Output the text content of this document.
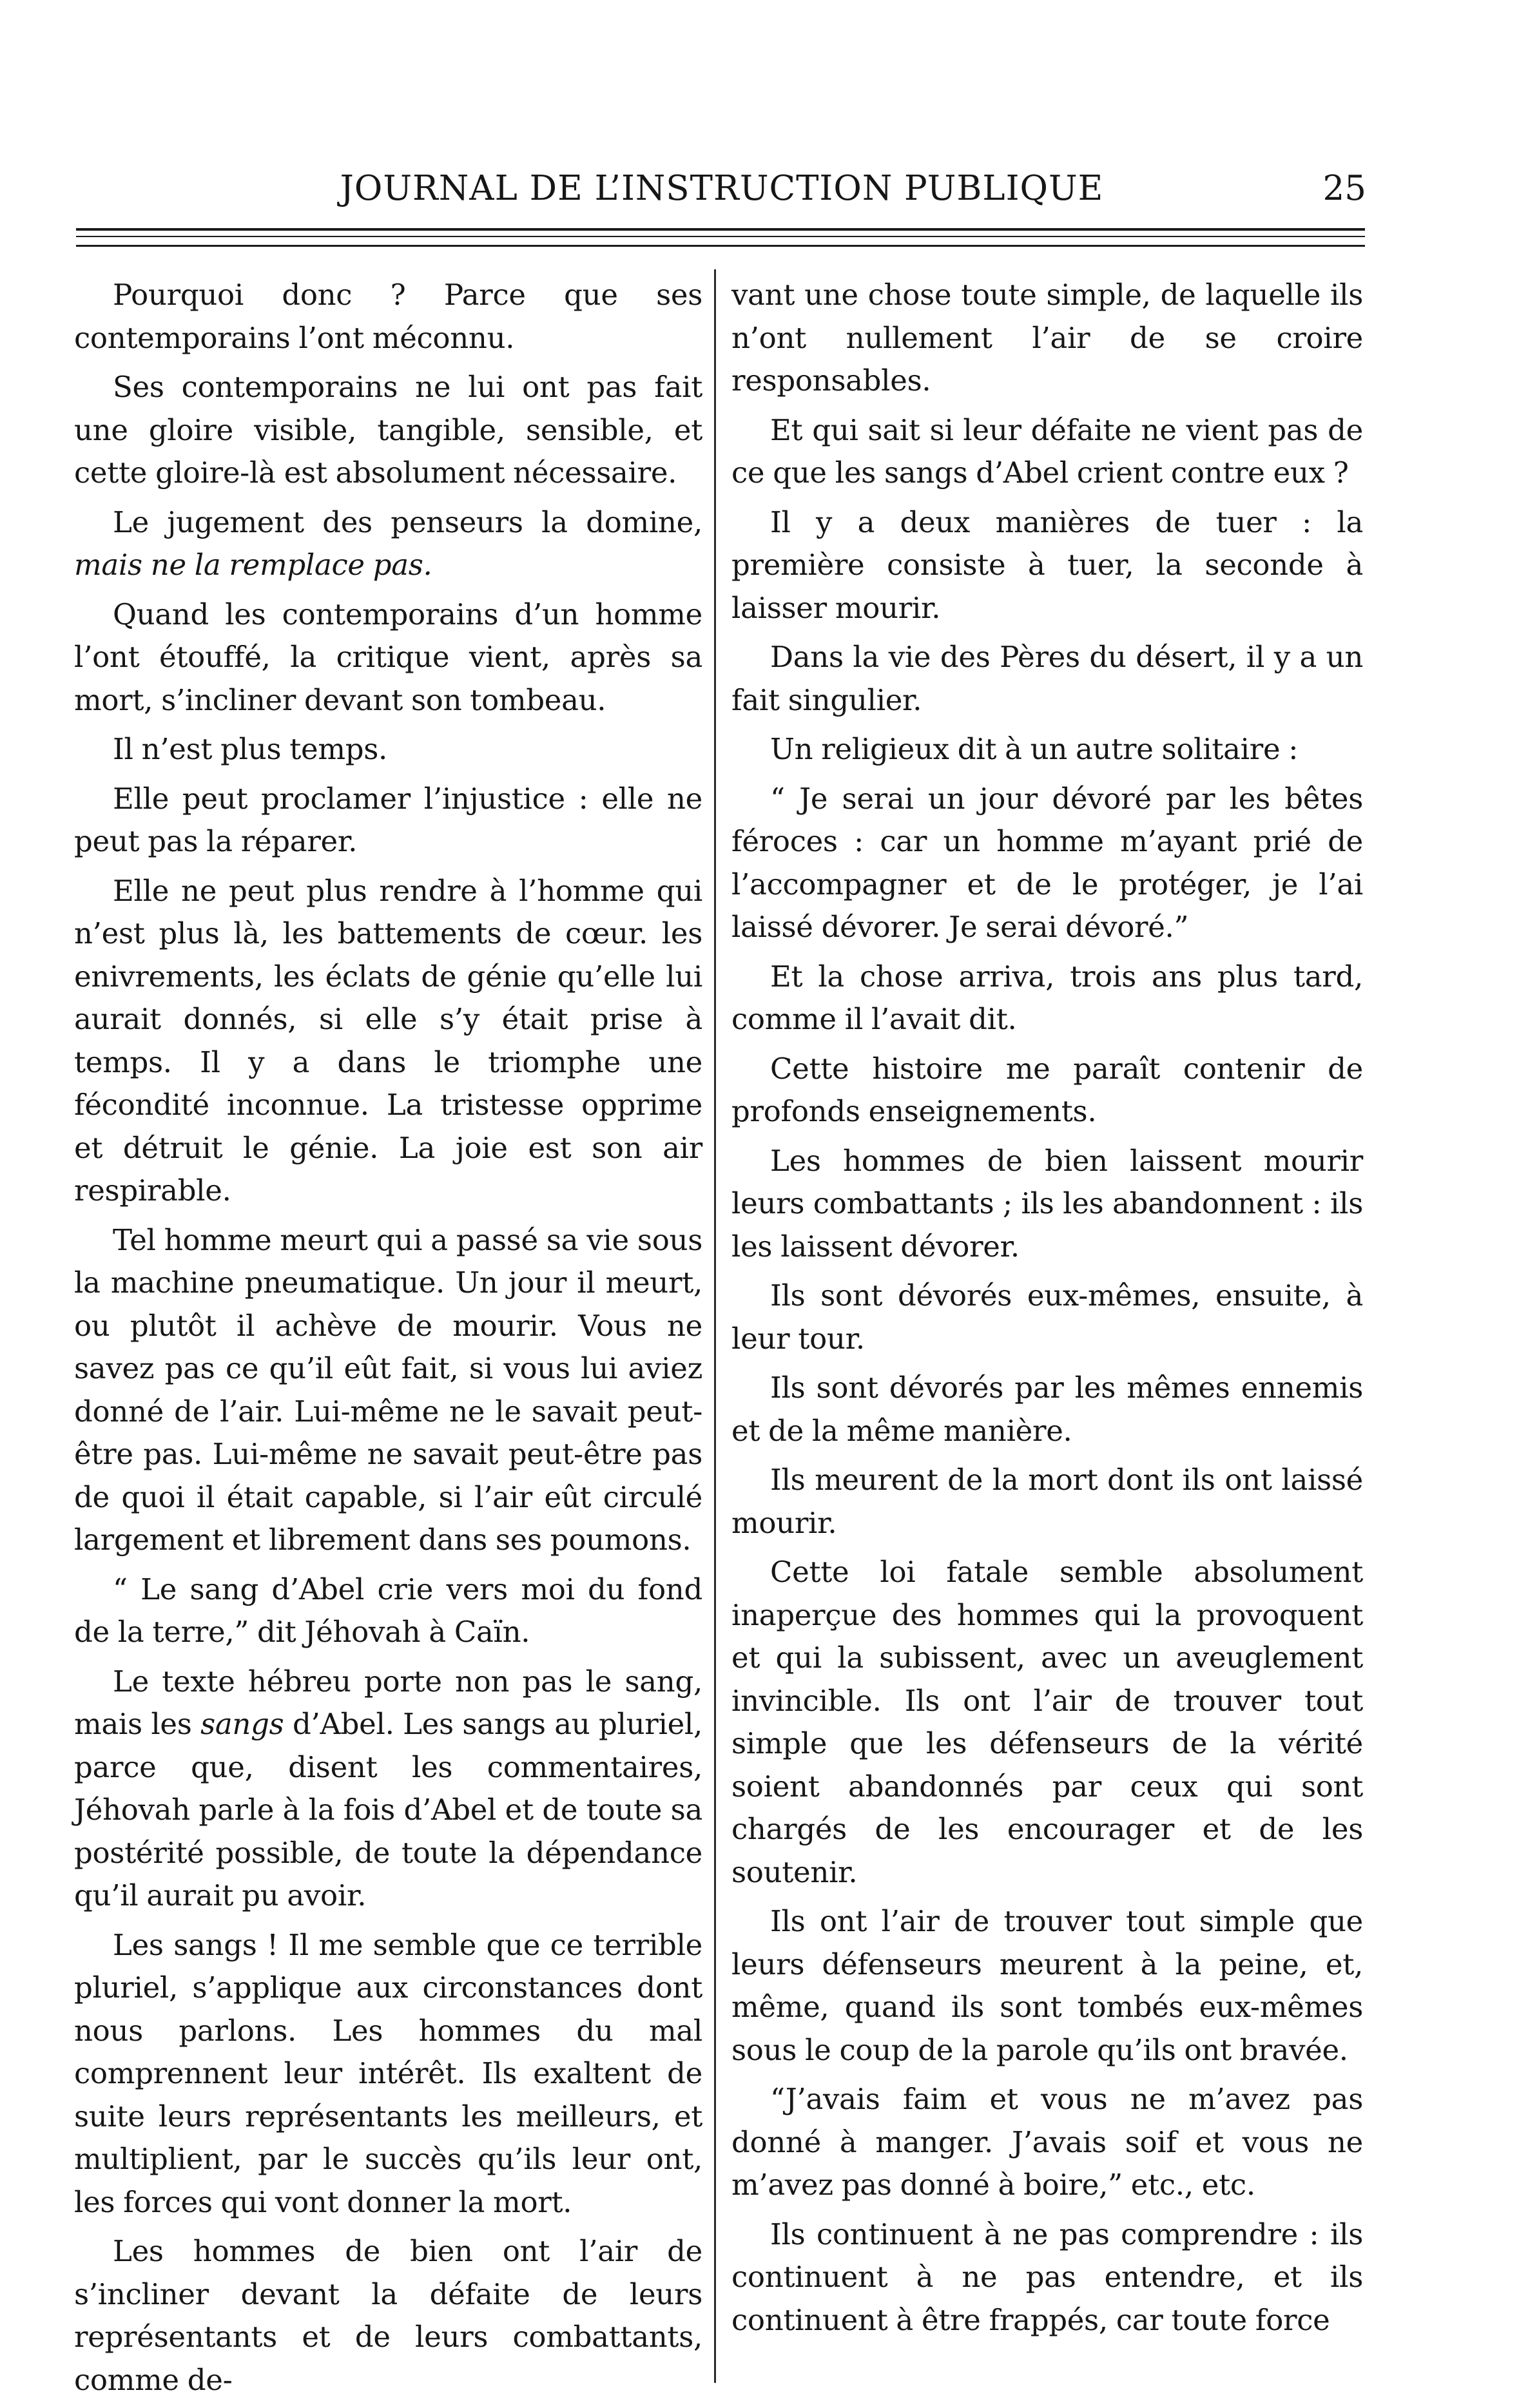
JOURNAL DE L’INSTRUCTION PUBLIQUE	25

Pourquoi donc ? Parce que ses contemporains l’ont méconnu.

Ses contemporains ne lui ont pas fait une gloire visible, tangible, sensible, et cette gloire-là est absolument nécessaire.

Le jugement des penseurs la domine, mais ne la remplace pas.

Quand les contemporains d’un homme l’ont étouffé, la critique vient, après sa mort, s’incliner devant son tombeau.

Il n’est plus temps.

Elle peut proclamer l’injustice : elle ne peut pas la réparer.

Elle ne peut plus rendre à l’homme qui n’est plus là, les battements de cœur. les enivrements, les éclats de génie qu’elle lui aurait donnés, si elle s’y était prise à temps. Il y a dans le triomphe une fécondité inconnue. La tristesse opprime et détruit le génie. La joie est son air respirable.

Tel homme meurt qui a passé sa vie sous la machine pneumatique. Un jour il meurt, ou plutôt il achève de mourir. Vous ne savez pas ce qu’il eût fait, si vous lui aviez donné de l’air. Lui-même ne le savait peut-être pas. Lui-même ne savait peut-être pas de quoi il était capable, si l’air eût circulé largement et librement dans ses poumons.

“ Le sang d’Abel crie vers moi du fond de la terre,” dit Jéhovah à Caïn.

Le texte hébreu porte non pas le sang, mais les sangs d’Abel. Les sangs au pluriel, parce que, disent les commentaires, Jéhovah parle à la fois d’Abel et de toute sa postérité possible, de toute la dépendance qu’il aurait pu avoir.

Les sangs ! Il me semble que ce terrible pluriel, s’applique aux circonstances dont nous parlons. Les hommes du mal comprennent leur intérêt. Ils exaltent de suite leurs représentants les meilleurs, et multiplient, par le succès qu’ils leur ont, les forces qui vont donner la mort.

Les hommes de bien ont l’air de s’incliner devant la défaite de leurs représentants et de leurs combattants, comme de-

vant une chose toute simple, de laquelle ils n’ont nullement l’air de se croire responsables.

Et qui sait si leur défaite ne vient pas de ce que les sangs d’Abel crient contre eux ?

Il y a deux manières de tuer : la première consiste à tuer, la seconde à laisser mourir.

Dans la vie des Pères du désert, il y a un fait singulier.

Un religieux dit à un autre solitaire :

“ Je serai un jour dévoré par les bêtes féroces : car un homme m’ayant prié de l’accompagner et de le protéger, je l’ai laissé dévorer. Je serai dévoré.”

Et la chose arriva, trois ans plus tard, comme il l’avait dit.

Cette histoire me paraît contenir de profonds enseignements.

Les hommes de bien laissent mourir leurs combattants ; ils les abandonnent : ils les laissent dévorer.

Ils sont dévorés eux-mêmes, ensuite, à leur tour.

Ils sont dévorés par les mêmes ennemis et de la même manière.

Ils meurent de la mort dont ils ont laissé mourir.

Cette loi fatale semble absolument inaperçue des hommes qui la provoquent et qui la subissent, avec un aveuglement invincible. Ils ont l’air de trouver tout simple que les défenseurs de la vérité soient abandonnés par ceux qui sont chargés de les encourager et de les soutenir.

Ils ont l’air de trouver tout simple que leurs défenseurs meurent à la peine, et, même, quand ils sont tombés eux-mêmes sous le coup de la parole qu’ils ont bravée.

“J’avais faim et vous ne m’avez pas donné à manger. J’avais soif et vous ne m’avez pas donné à boire,” etc., etc.

Ils continuent à ne pas comprendre : ils continuent à ne pas entendre, et ils continuent à être frappés, car toute force
